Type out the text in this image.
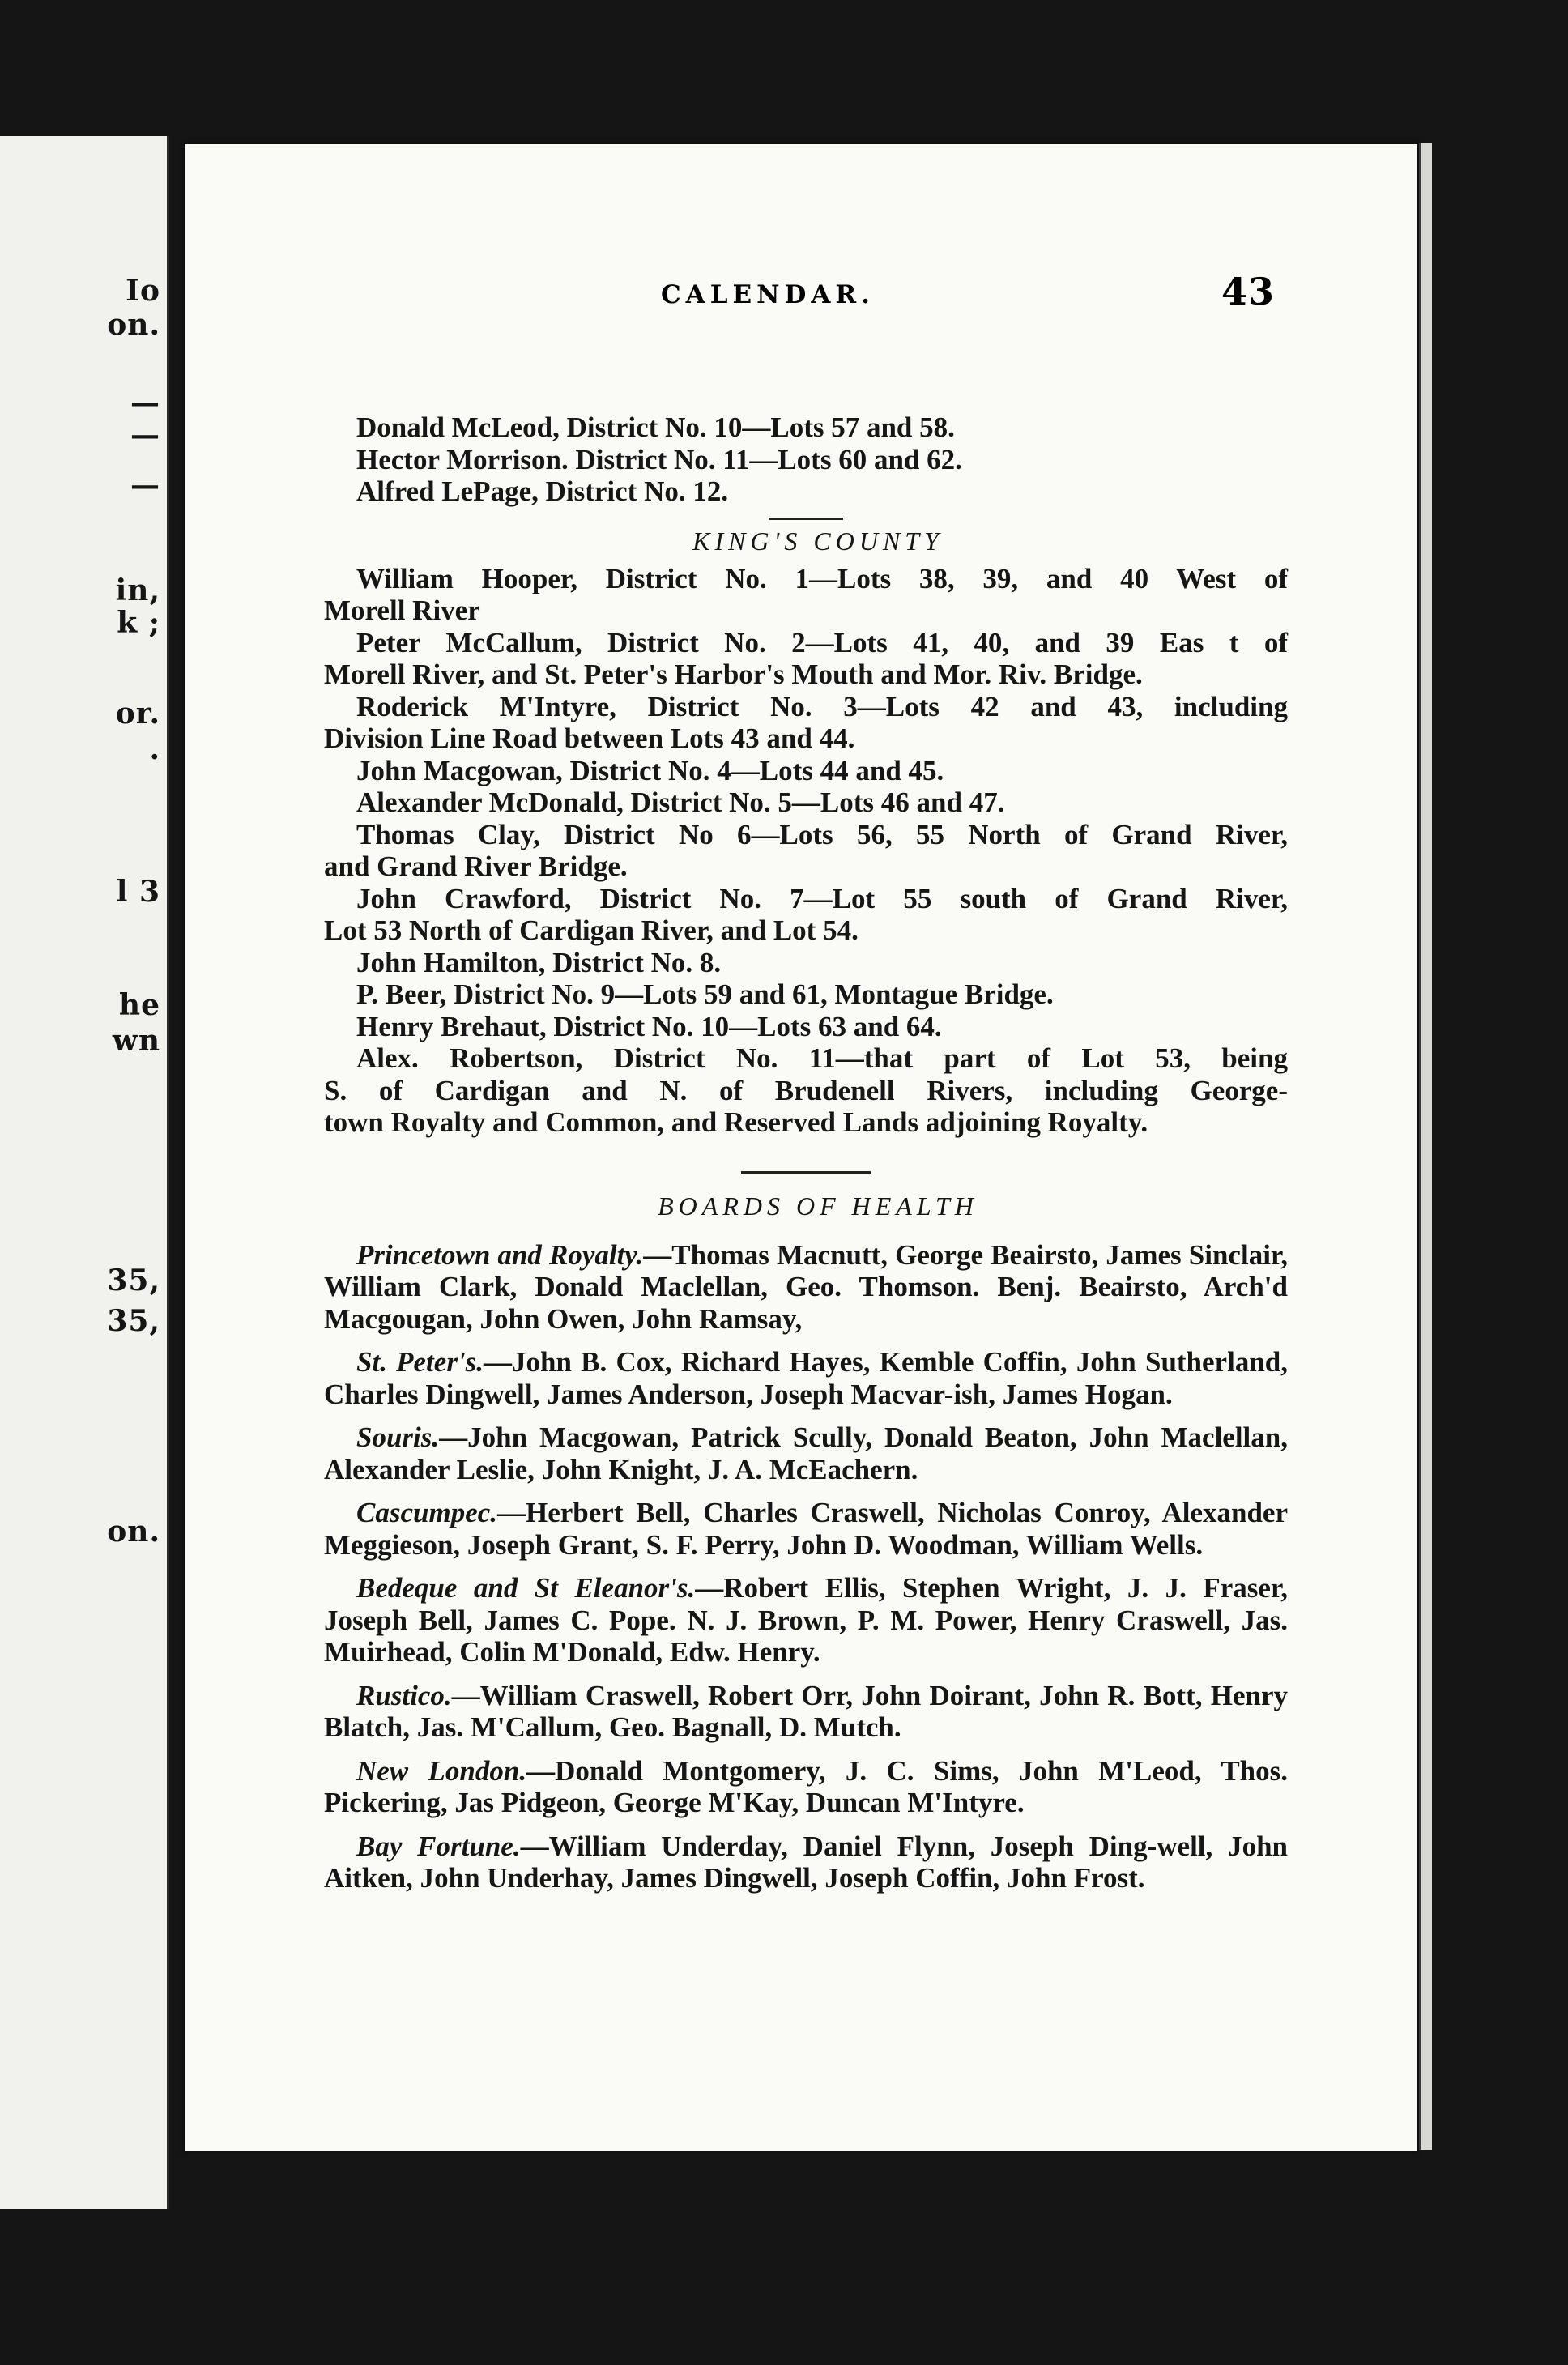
Io
on.
—
—
—
in,
k ;
or.
.
l 3
he
wn
35,
35,
on.
CALENDAR.	43
Donald McLeod, District No. 10—Lots 57 and 58.
Hector Morrison. District No. 11—Lots 60 and 62.
Alfred LePage, District No. 12.

KING'S COUNTY

William Hooper, District No. 1—Lots 38, 39, and 40 West of
Morell River
Peter McCallum, District No. 2—Lots 41, 40, and 39 Eas t of
Morell River, and St. Peter's Harbor's Mouth and Mor. Riv. Bridge.
Roderick M'Intyre, District No. 3—Lots 42 and 43, including
Division Line Road between Lots 43 and 44.
John Macgowan, District No. 4—Lots 44 and 45.
Alexander McDonald, District No. 5—Lots 46 and 47.
Thomas Clay, District No 6—Lots 56, 55 North of Grand River,
and Grand River Bridge.
John Crawford, District No. 7—Lot 55 south of Grand River,
Lot 53 North of Cardigan River, and Lot 54.
John Hamilton, District No. 8.
P. Beer, District No. 9—Lots 59 and 61, Montague Bridge.
Henry Brehaut, District No. 10—Lots 63 and 64.
Alex. Robertson, District No. 11—that part of Lot 53, being
S. of Cardigan and N. of Brudenell Rivers, including George-
town Royalty and Common, and Reserved Lands adjoining Royalty.

BOARDS OF HEALTH

Princetown and Royalty.—Thomas Macnutt, George Beairsto, James Sinclair, William Clark, Donald Maclellan, Geo. Thomson. Benj. Beairsto, Arch'd Macgougan, John Owen, John Ramsay,

St. Peter's.—John B. Cox, Richard Hayes, Kemble Coffin, John Sutherland, Charles Dingwell, James Anderson, Joseph Macvar-ish, James Hogan.

Souris.—John Macgowan, Patrick Scully, Donald Beaton, John Maclellan, Alexander Leslie, John Knight, J. A. McEachern.

Cascumpec.—Herbert Bell, Charles Craswell, Nicholas Conroy, Alexander Meggieson, Joseph Grant, S. F. Perry, John D. Woodman, William Wells.

Bedeque and St Eleanor's.—Robert Ellis, Stephen Wright, J. J. Fraser, Joseph Bell, James C. Pope. N. J. Brown, P. M. Power, Henry Craswell, Jas. Muirhead, Colin M'Donald, Edw. Henry.

Rustico.—William Craswell, Robert Orr, John Doirant, John R. Bott, Henry Blatch, Jas. M'Callum, Geo. Bagnall, D. Mutch.

New London.—Donald Montgomery, J. C. Sims, John M'Leod, Thos. Pickering, Jas Pidgeon, George M'Kay, Duncan M'Intyre.

Bay Fortune.—William Underday, Daniel Flynn, Joseph Ding-well, John Aitken, John Underhay, James Dingwell, Joseph Coffin, John Frost.
